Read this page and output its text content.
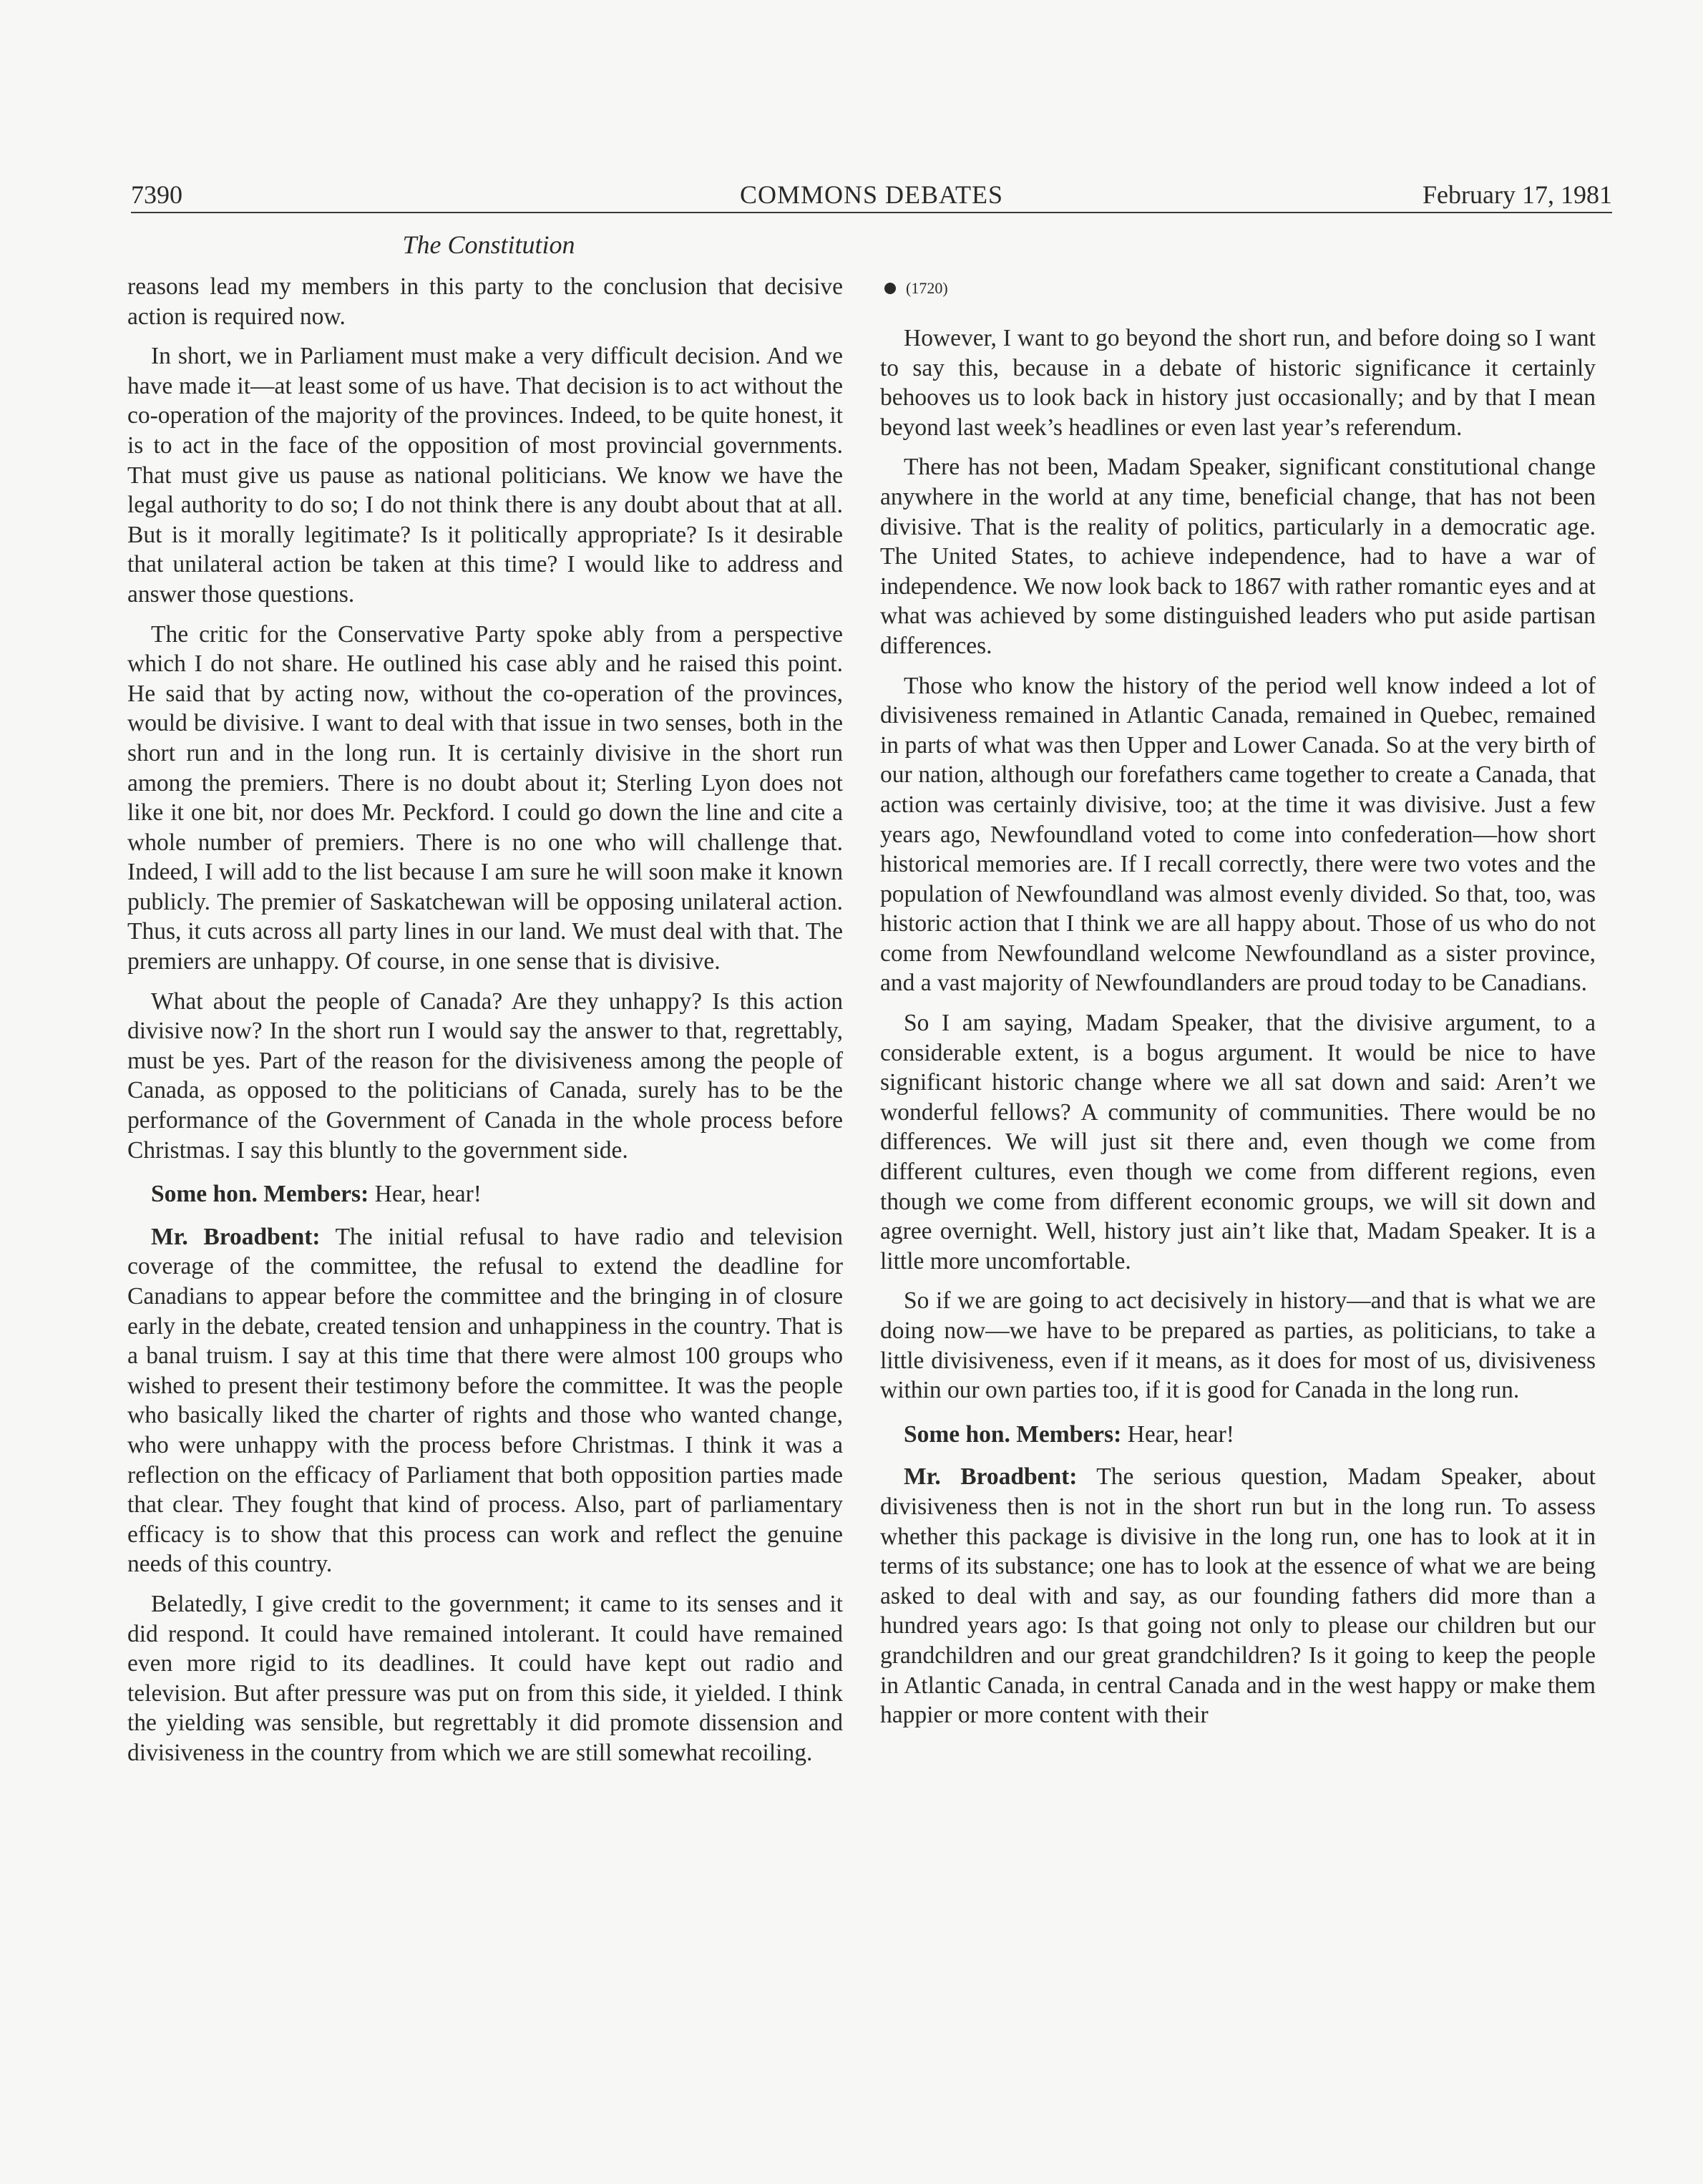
7390	COMMONS DEBATES	February 17, 1981
The Constitution

reasons lead my members in this party to the conclusion that decisive action is required now.

In short, we in Parliament must make a very difficult decision. And we have made it—at least some of us have. That decision is to act without the co-operation of the majority of the provinces. Indeed, to be quite honest, it is to act in the face of the opposition of most provincial governments. That must give us pause as national politicians. We know we have the legal authority to do so; I do not think there is any doubt about that at all. But is it morally legitimate? Is it politically appropriate? Is it desirable that unilateral action be taken at this time? I would like to address and answer those questions.

The critic for the Conservative Party spoke ably from a perspective which I do not share. He outlined his case ably and he raised this point. He said that by acting now, without the co-operation of the provinces, would be divisive. I want to deal with that issue in two senses, both in the short run and in the long run. It is certainly divisive in the short run among the premiers. There is no doubt about it; Sterling Lyon does not like it one bit, nor does Mr. Peckford. I could go down the line and cite a whole number of premiers. There is no one who will challenge that. Indeed, I will add to the list because I am sure he will soon make it known publicly. The premier of Saskatchewan will be opposing unilateral action. Thus, it cuts across all party lines in our land. We must deal with that. The premiers are unhappy. Of course, in one sense that is divisive.

What about the people of Canada? Are they unhappy? Is this action divisive now? In the short run I would say the answer to that, regrettably, must be yes. Part of the reason for the divisiveness among the people of Canada, as opposed to the politicians of Canada, surely has to be the performance of the Government of Canada in the whole process before Christmas. I say this bluntly to the government side.

Some hon. Members: Hear, hear!

Mr. Broadbent: The initial refusal to have radio and television coverage of the committee, the refusal to extend the deadline for Canadians to appear before the committee and the bringing in of closure early in the debate, created tension and unhappiness in the country. That is a banal truism. I say at this time that there were almost 100 groups who wished to present their testimony before the committee. It was the people who basically liked the charter of rights and those who wanted change, who were unhappy with the process before Christmas. I think it was a reflection on the efficacy of Parliament that both opposition parties made that clear. They fought that kind of process. Also, part of parliamentary efficacy is to show that this process can work and reflect the genuine needs of this country.

Belatedly, I give credit to the government; it came to its senses and it did respond. It could have remained intolerant. It could have remained even more rigid to its deadlines. It could have kept out radio and television. But after pressure was put on from this side, it yielded. I think the yielding was sensible, but regrettably it did promote dissension and divisiveness in the country from which we are still somewhat recoiling.

(1720)

However, I want to go beyond the short run, and before doing so I want to say this, because in a debate of historic significance it certainly behooves us to look back in history just occasionally; and by that I mean beyond last week’s headlines or even last year’s referendum.

There has not been, Madam Speaker, significant constitutional change anywhere in the world at any time, beneficial change, that has not been divisive. That is the reality of politics, particularly in a democratic age. The United States, to achieve independence, had to have a war of independence. We now look back to 1867 with rather romantic eyes and at what was achieved by some distinguished leaders who put aside partisan differences.

Those who know the history of the period well know indeed a lot of divisiveness remained in Atlantic Canada, remained in Quebec, remained in parts of what was then Upper and Lower Canada. So at the very birth of our nation, although our forefathers came together to create a Canada, that action was certainly divisive, too; at the time it was divisive. Just a few years ago, Newfoundland voted to come into confederation—how short historical memories are. If I recall correctly, there were two votes and the population of Newfoundland was almost evenly divided. So that, too, was historic action that I think we are all happy about. Those of us who do not come from Newfoundland welcome Newfoundland as a sister province, and a vast majority of Newfoundlanders are proud today to be Canadians.

So I am saying, Madam Speaker, that the divisive argument, to a considerable extent, is a bogus argument. It would be nice to have significant historic change where we all sat down and said: Aren’t we wonderful fellows? A community of communities. There would be no differences. We will just sit there and, even though we come from different cultures, even though we come from different regions, even though we come from different economic groups, we will sit down and agree overnight. Well, history just ain’t like that, Madam Speaker. It is a little more uncomfortable.

So if we are going to act decisively in history—and that is what we are doing now—we have to be prepared as parties, as politicians, to take a little divisiveness, even if it means, as it does for most of us, divisiveness within our own parties too, if it is good for Canada in the long run.

Some hon. Members: Hear, hear!

Mr. Broadbent: The serious question, Madam Speaker, about divisiveness then is not in the short run but in the long run. To assess whether this package is divisive in the long run, one has to look at it in terms of its substance; one has to look at the essence of what we are being asked to deal with and say, as our founding fathers did more than a hundred years ago: Is that going not only to please our children but our grandchildren and our great grandchildren? Is it going to keep the people in Atlantic Canada, in central Canada and in the west happy or make them happier or more content with their
